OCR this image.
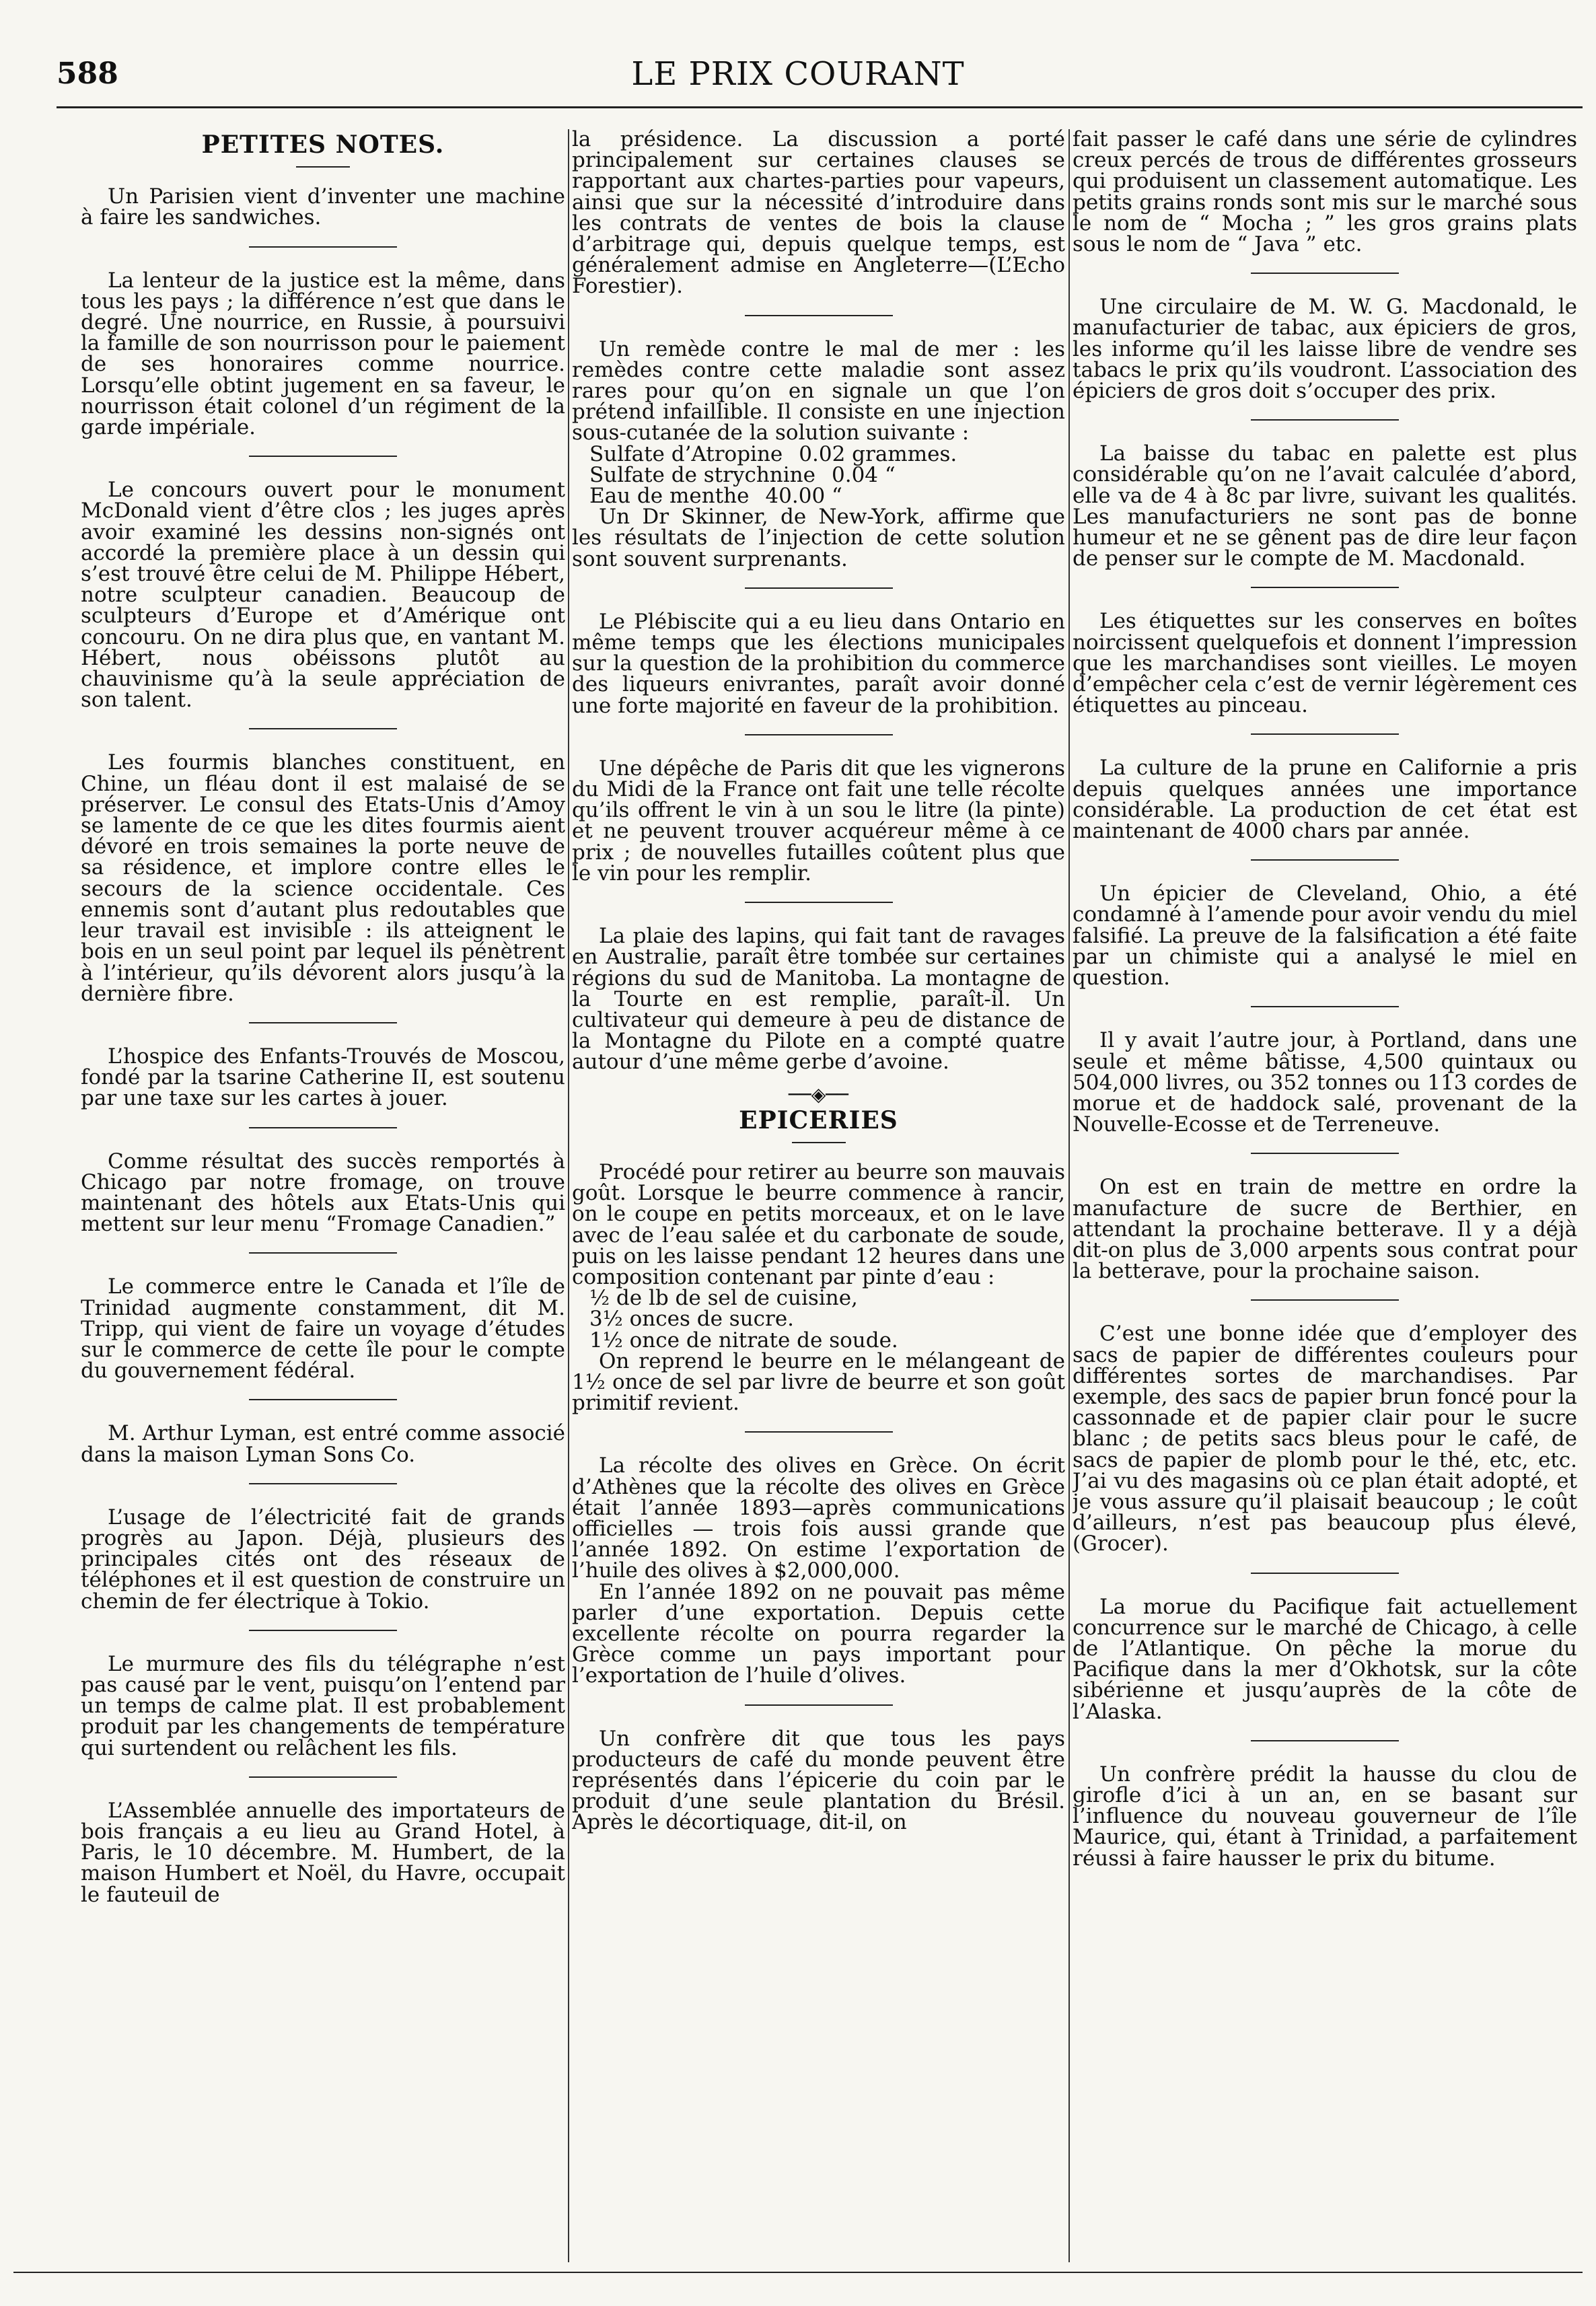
588	LE PRIX COURANT
PETITES NOTES.

Un Parisien vient d’inventer une machine à faire les sandwiches.

La lenteur de la justice est la même, dans tous les pays ; la différence n’est que dans le degré. Une nourrice, en Russie, à poursuivi la famille de son nourrisson pour le paiement de ses honoraires comme nourrice. Lorsqu’elle obtint jugement en sa faveur, le nourrisson était colonel d’un régiment de la garde impériale.

Le concours ouvert pour le monument McDonald vient d’être clos ; les juges après avoir examiné les dessins non-signés ont accordé la première place à un dessin qui s’est trouvé être celui de M. Philippe Hébert, notre sculpteur canadien. Beaucoup de sculpteurs d’Europe et d’Amérique ont concouru. On ne dira plus que, en vantant M. Hébert, nous obéissons plutôt au chauvinisme qu’à la seule appréciation de son talent.

Les fourmis blanches constituent, en Chine, un fléau dont il est malaisé de se préserver. Le consul des Etats-Unis d’Amoy se lamente de ce que les dites fourmis aient dévoré en trois semaines la porte neuve de sa résidence, et implore contre elles le secours de la science occidentale. Ces ennemis sont d’autant plus redoutables que leur travail est invisible : ils atteignent le bois en un seul point par lequel ils pénètrent à l’intérieur, qu’ils dévorent alors jusqu’à la dernière fibre.

L’hospice des Enfants-Trouvés de Moscou, fondé par la tsarine Catherine II, est soutenu par une taxe sur les cartes à jouer.

Comme résultat des succès remportés à Chicago par notre fromage, on trouve maintenant des hôtels aux Etats-Unis qui mettent sur leur menu “Fromage Canadien.”

Le commerce entre le Canada et l’île de Trinidad augmente constamment, dit M. Tripp, qui vient de faire un voyage d’études sur le commerce de cette île pour le compte du gouvernement fédéral.

M. Arthur Lyman, est entré comme associé dans la maison Lyman Sons Co.

L’usage de l’électricité fait de grands progrès au Japon. Déjà, plusieurs des principales cités ont des réseaux de téléphones et il est question de construire un chemin de fer électrique à Tokio.

Le murmure des fils du télégraphe n’est pas causé par le vent, puisqu’on l’entend par un temps de calme plat. Il est probablement produit par les changements de température qui surtendent ou relâchent les fils.

L’Assemblée annuelle des importateurs de bois français a eu lieu au Grand Hotel, à Paris, le 10 décembre. M. Humbert, de la maison Humbert et Noël, du Havre, occupait le fauteuil de

la présidence. La discussion a porté principalement sur certaines clauses se rapportant aux chartes-parties pour vapeurs, ainsi que sur la nécessité d’introduire dans les contrats de ventes de bois la clause d’arbitrage qui, depuis quelque temps, est généralement admise en Angleterre—(L’Echo Forestier).

Un remède contre le mal de mer : les remèdes contre cette maladie sont assez rares pour qu’on en signale un que l’on prétend infaillible. Il consiste en une injection sous-cutanée de la solution suivante :

Sulfate d’Atropine 0.02 grammes.
Sulfate de strychnine 0.04 “
Eau de menthe 40.00 “

Un Dr Skinner, de New-York, affirme que les résultats de l’injection de cette solution sont souvent surprenants.

Le Plébiscite qui a eu lieu dans Ontario en même temps que les élections municipales sur la question de la prohibition du commerce des liqueurs enivrantes, paraît avoir donné une forte majorité en faveur de la prohibition.

Une dépêche de Paris dit que les vignerons du Midi de la France ont fait une telle récolte qu’ils offrent le vin à un sou le litre (la pinte) et ne peuvent trouver acquéreur même à ce prix ; de nouvelles futailles coûtent plus que le vin pour les remplir.

La plaie des lapins, qui fait tant de ravages en Australie, paraît être tombée sur certaines régions du sud de Manitoba. La montagne de la Tourte en est remplie, paraît-il. Un cultivateur qui demeure à peu de distance de la Montagne du Pilote en a compté quatre autour d’une même gerbe d’avoine.

──◈──
EPICERIES

Procédé pour retirer au beurre son mauvais goût. Lorsque le beurre commence à rancir, on le coupe en petits morceaux, et on le lave avec de l’eau salée et du carbonate de soude, puis on les laisse pendant 12 heures dans une composition contenant par pinte d’eau :

½ de lb de sel de cuisine,
3½ onces de sucre.
1½ once de nitrate de soude.

On reprend le beurre en le mélangeant de 1½ once de sel par livre de beurre et son goût primitif revient.

La récolte des olives en Grèce. On écrit d’Athènes que la récolte des olives en Grèce était l’année 1893—après communications officielles — trois fois aussi grande que l’année 1892. On estime l’exportation de l’huile des olives à $2,000,000.

En l’année 1892 on ne pouvait pas même parler d’une exportation. Depuis cette excellente récolte on pourra regarder la Grèce comme un pays important pour l’exportation de l’huile d’olives.

Un confrère dit que tous les pays producteurs de café du monde peuvent être représentés dans l’épicerie du coin par le produit d’une seule plantation du Brésil. Après le décortiquage, dit-il, on

fait passer le café dans une série de cylindres creux percés de trous de différentes grosseurs qui produisent un classement automatique. Les petits grains ronds sont mis sur le marché sous le nom de “ Mocha ; ” les gros grains plats sous le nom de “ Java ” etc.

Une circulaire de M. W. G. Macdonald, le manufacturier de tabac, aux épiciers de gros, les informe qu’il les laisse libre de vendre ses tabacs le prix qu’ils voudront. L’association des épiciers de gros doit s’occuper des prix.

La baisse du tabac en palette est plus considérable qu’on ne l’avait calculée d’abord, elle va de 4 à 8c par livre, suivant les qualités. Les manufacturiers ne sont pas de bonne humeur et ne se gênent pas de dire leur façon de penser sur le compte de M. Macdonald.

Les étiquettes sur les conserves en boîtes noircissent quelquefois et donnent l’impression que les marchandises sont vieilles. Le moyen d’empêcher cela c’est de vernir légèrement ces étiquettes au pinceau.

La culture de la prune en Californie a pris depuis quelques années une importance considérable. La production de cet état est maintenant de 4000 chars par année.

Un épicier de Cleveland, Ohio, a été condamné à l’amende pour avoir vendu du miel falsifié. La preuve de la falsification a été faite par un chimiste qui a analysé le miel en question.

Il y avait l’autre jour, à Portland, dans une seule et même bâtisse, 4,500 quintaux ou 504,000 livres, ou 352 tonnes ou 113 cordes de morue et de haddock salé, provenant de la Nouvelle-Ecosse et de Terreneuve.

On est en train de mettre en ordre la manufacture de sucre de Berthier, en attendant la prochaine betterave. Il y a déjà dit-on plus de 3,000 arpents sous contrat pour la betterave, pour la prochaine saison.

C’est une bonne idée que d’employer des sacs de papier de différentes couleurs pour différentes sortes de marchandises. Par exemple, des sacs de papier brun foncé pour la cassonnade et de papier clair pour le sucre blanc ; de petits sacs bleus pour le café, de sacs de papier de plomb pour le thé, etc, etc. J’ai vu des magasins où ce plan était adopté, et je vous assure qu’il plaisait beaucoup ; le coût d’ailleurs, n’est pas beaucoup plus élevé, (Grocer).

La morue du Pacifique fait actuellement concurrence sur le marché de Chicago, à celle de l’Atlantique. On pêche la morue du Pacifique dans la mer d’Okhotsk, sur la côte sibérienne et jusqu’auprès de la côte de l’Alaska.

Un confrère prédit la hausse du clou de girofle d’ici à un an, en se basant sur l’influence du nouveau gouverneur de l’île Maurice, qui, étant à Trinidad, a parfaitement réussi à faire hausser le prix du bitume.
